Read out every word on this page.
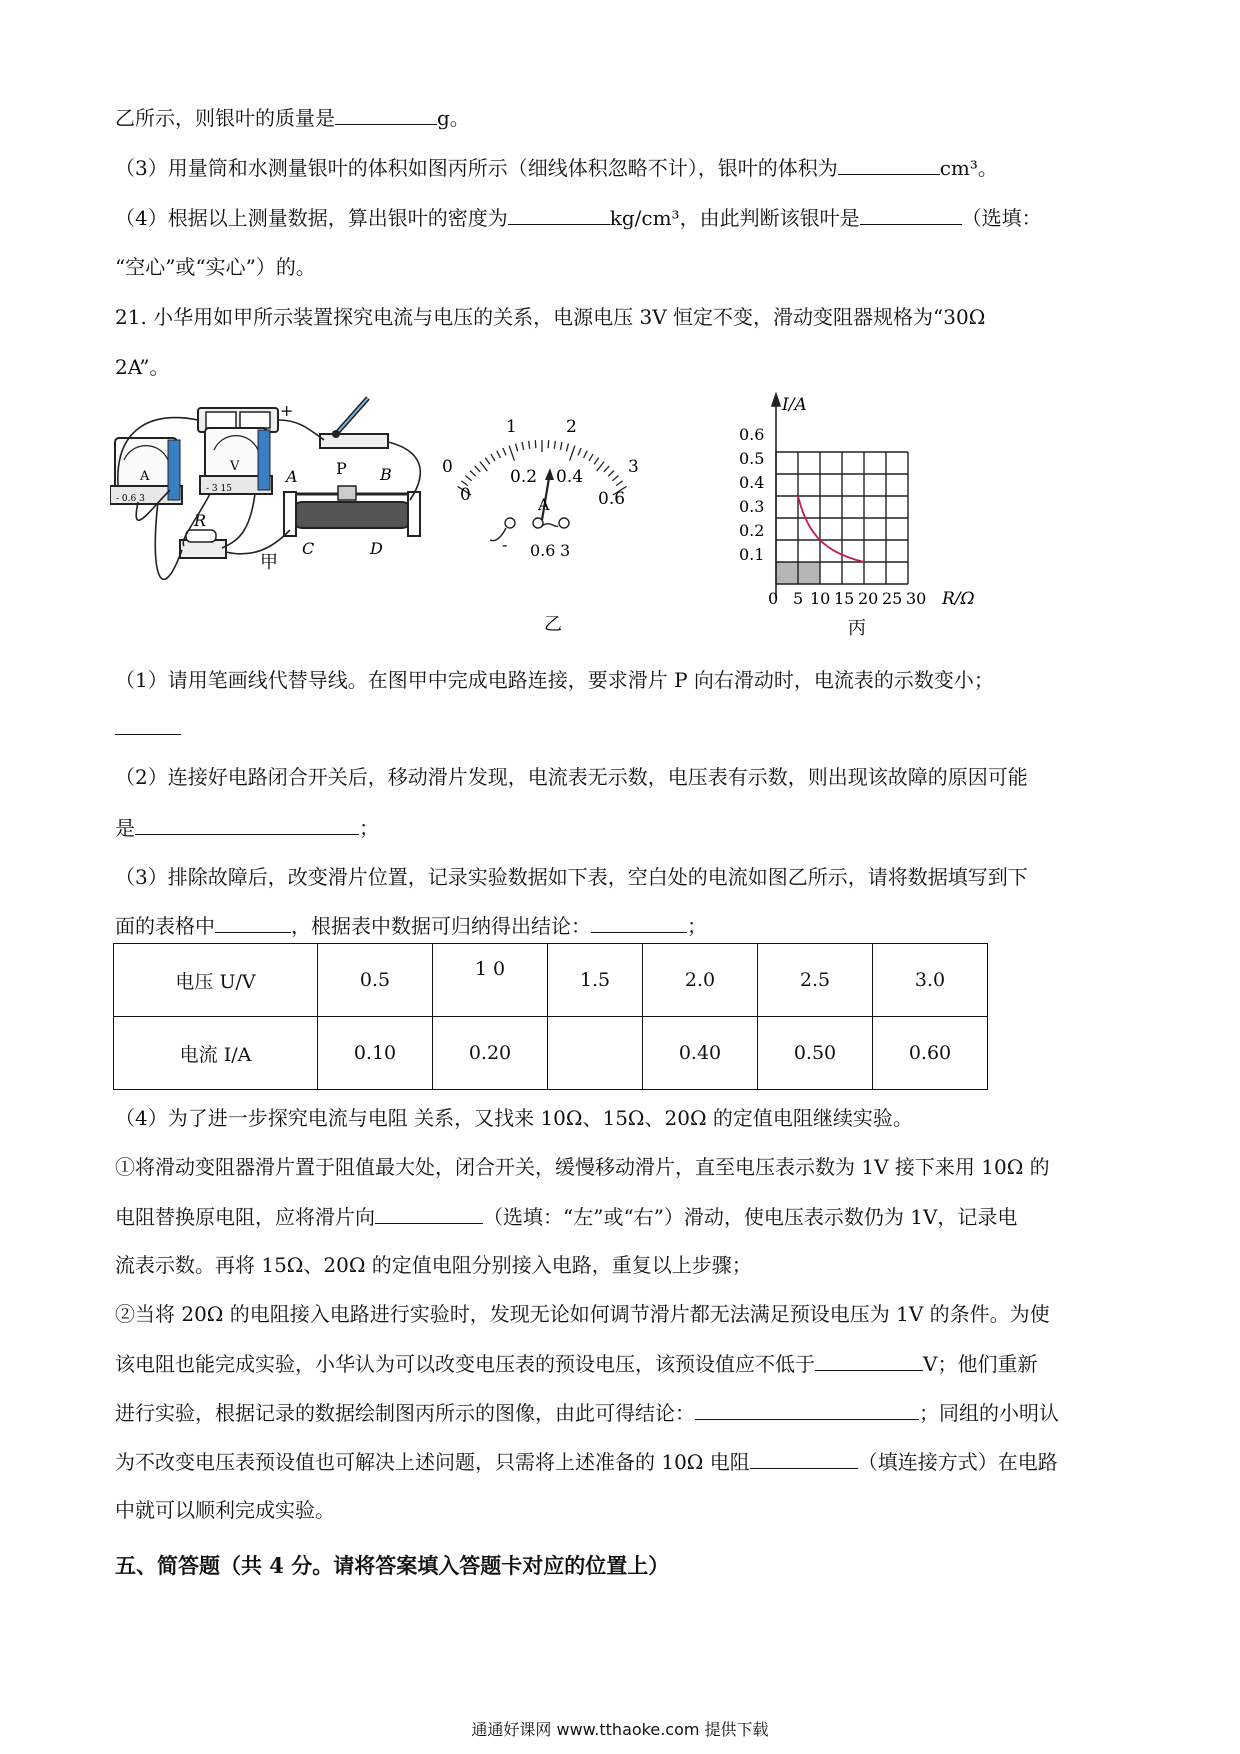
乙所示，则银叶的质量是	g。
（3）用量筒和水测量银叶的体积如图丙所示（细线体积忽略不计），银叶的体积为	cm³。
（4）根据以上测量数据，算出银叶的密度为	kg/cm³，由此判断该银叶是	（选填：
“空心”或“实心”）的。
21. 小华用如甲所示装置探究电流与电压的关系，电源电压 3V 恒定不变，滑动变阻器规格为“30Ω
2A”。
-	+
A
- 0.6 3
V
- 3 15
R
A P B
C	D
甲
0
1	2
3
0
0.2 0.4
0.6
A
- 0.6 3
乙
I/A
R/Ω
0.6
0.5
0.4
0.3
0.2
0.1
0 5 10 15 20 25 30
丙
（1）请用笔画线代替导线。在图甲中完成电路连接，要求滑片 P 向右滑动时，电流表的示数变小；
（2）连接好电路闭合开关后，移动滑片发现，电流表无示数，电压表有示数，则出现该故障的原因可能
是	；
（3）排除故障后，改变滑片位置，记录实验数据如下表，空白处的电流如图乙所示，请将数据填写到下
面的表格中	，根据表中数据可归纳得出结论：	；
电压 U/V	0.5	1 0	1.5	2.0	2.5	3.0
电流 I/A	0.10	0.20		0.40	0.50	0.60
（4）为了进一步探究电流与电阻 关系，又找来 10Ω、15Ω、20Ω 的定值电阻继续实验。
①将滑动变阻器滑片置于阻值最大处，闭合开关，缓慢移动滑片，直至电压表示数为 1V 接下来用 10Ω 的
电阻替换原电阻，应将滑片向	（选填：“左”或“右”）滑动，使电压表示数仍为 1V，记录电
流表示数。再将 15Ω、20Ω 的定值电阻分别接入电路，重复以上步骤；
②当将 20Ω 的电阻接入电路进行实验时，发现无论如何调节滑片都无法满足预设电压为 1V 的条件。为使
该电阻也能完成实验，小华认为可以改变电压表的预设电压，该预设值应不低于	V；他们重新
进行实验，根据记录的数据绘制图丙所示的图像，由此可得结论：	；同组的小明认
为不改变电压表预设值也可解决上述问题，只需将上述准备的 10Ω 电阻	（填连接方式）在电路
中就可以顺利完成实验。
五、简答题（共 4 分。请将答案填入答题卡对应的位置上）
通通好课网 www.tthaoke.com 提供下载
